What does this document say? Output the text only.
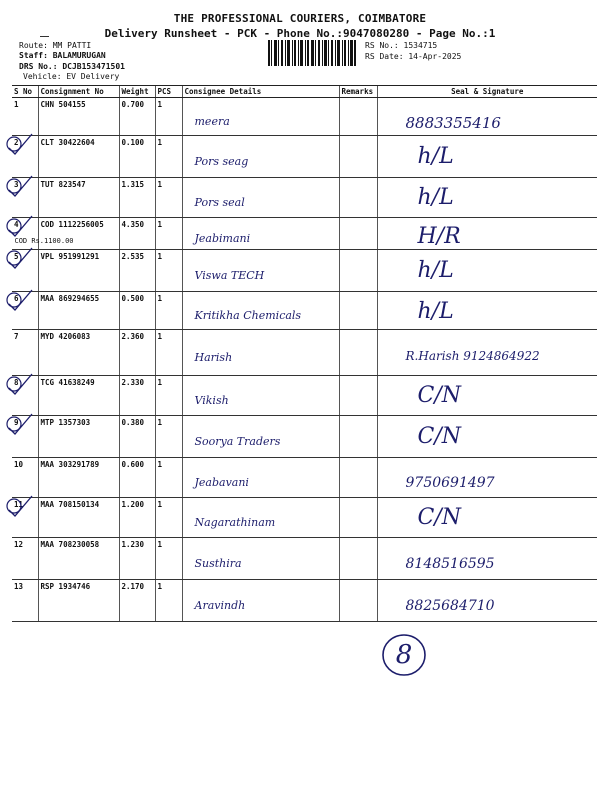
THE PROFESSIONAL COURIERS, COIMBATORE
Delivery Runsheet - PCK - Phone No.:9047080280 - Page No.:1
Route: MM PATTI
Staff: BALAMURUGAN
DRS No.: DCJB153471501
Vehicle: EV Delivery
RS No.: 1534715
RS Date: 14-Apr-2025
S No	Consignment No	Weight	PCS	Consignee Details	Remarks	Seal & Signature
1	CHN 504155	0.700	1	meera		8883355416

2	CLT 30422604	0.100	1	Pors seag		h/L

3	TUT 823547	1.315	1	Pors seal		h/L

4	COD 1112256005
COD Rs.1100.00	4.350	1	Jeabimani		H/R

5	VPL 951991291	2.535	1	Viswa TECH		h/L

6	MAA 869294655	0.500	1	Kritikha Chemicals		h/L

7	MYD 4206083	2.360	1	Harish		R.Harish 9124864922

8	TCG 41638249	2.330	1	Vikish		C/N

9	MTP 1357303	0.380	1	Soorya Traders		C/N

10	MAA 303291789	0.600	1	Jeabavani		9750691497

11	MAA 708150134	1.200	1	Nagarathinam		C/N

12	MAA 708230058	1.230	1	Susthira		8148516595

13	RSP 1934746	2.170	1	Aravindh		8825684710
8
